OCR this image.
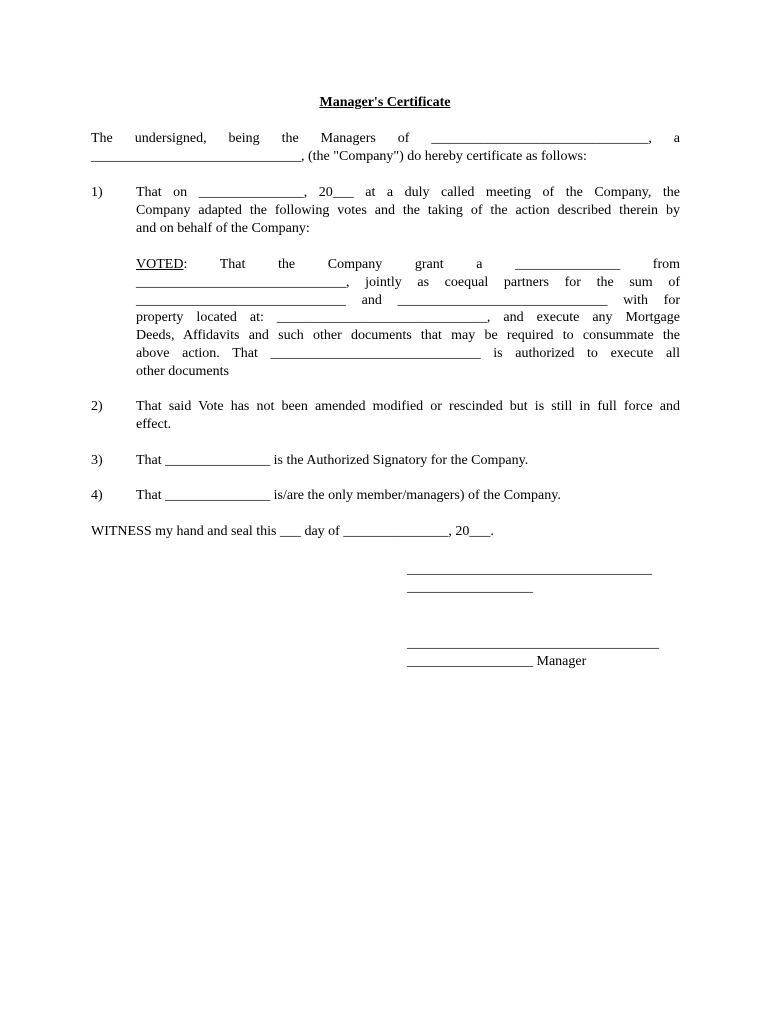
Manager's Certificate
The undersigned, being the Managers of _______________________________, a
______________________________, (the "Company") do hereby certificate as follows:
1) That on _______________, 20___ at a duly called meeting of the Company, the
Company adapted the following votes and the taking of the action described therein by
and on behalf of the Company:
VOTED: That the Company grant a _______________ from
______________________________, jointly as coequal partners for the sum of
______________________________ and ______________________________ with for
property located at: ______________________________, and execute any Mortgage
Deeds, Affidavits and such other documents that may be required to consummate the
above action. That ______________________________ is authorized to execute all
other documents
2) That said Vote has not been amended modified or rescinded but is still in full force and
effect.
3) That _______________ is the Authorized Signatory for the Company.
4) That _______________ is/are the only member/managers) of the Company.
WITNESS my hand and seal this ___ day of _______________, 20___.
___________________________________
__________________
____________________________________
__________________ Manager
